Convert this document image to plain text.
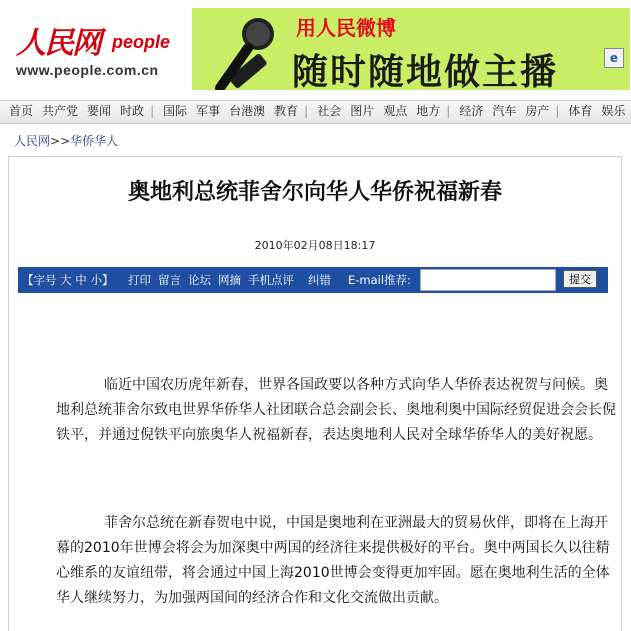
人民网 people
www.people.com.cn
用人民微博
随时随地做主播	e
首页 共产党 要闻 时政 | 国际 军事 台港澳 教育 | 社会 图片 观点 地方 | 经济 汽车 房产 | 体育 娱乐
人民网>>华侨华人
奥地利总统菲舍尔向华人华侨祝福新春
2010年02月08日18:17
【字号 大 中 小】 打印 留言 论坛 网摘 手机点评 纠错 E-mail推荐:	提交
临近中国农历虎年新春，世界各国政要以各种方式向华人华侨表达祝贺与问候。奥地利总统菲舍尔致电世界华侨华人社团联合总会副会长、奥地利奥中国际经贸促进会会长倪铁平，并通过倪铁平向旅奥华人祝福新春，表达奥地利人民对全球华侨华人的美好祝愿。
菲舍尔总统在新春贺电中说，中国是奥地利在亚洲最大的贸易伙伴，即将在上海开幕的2010年世博会将会为加深奥中两国的经济往来提供极好的平台。奥中两国长久以往精心维系的友谊纽带，将会通过中国上海2010世博会变得更加牢固。愿在奥地利生活的全体华人继续努力，为加强两国间的经济合作和文化交流做出贡献。
